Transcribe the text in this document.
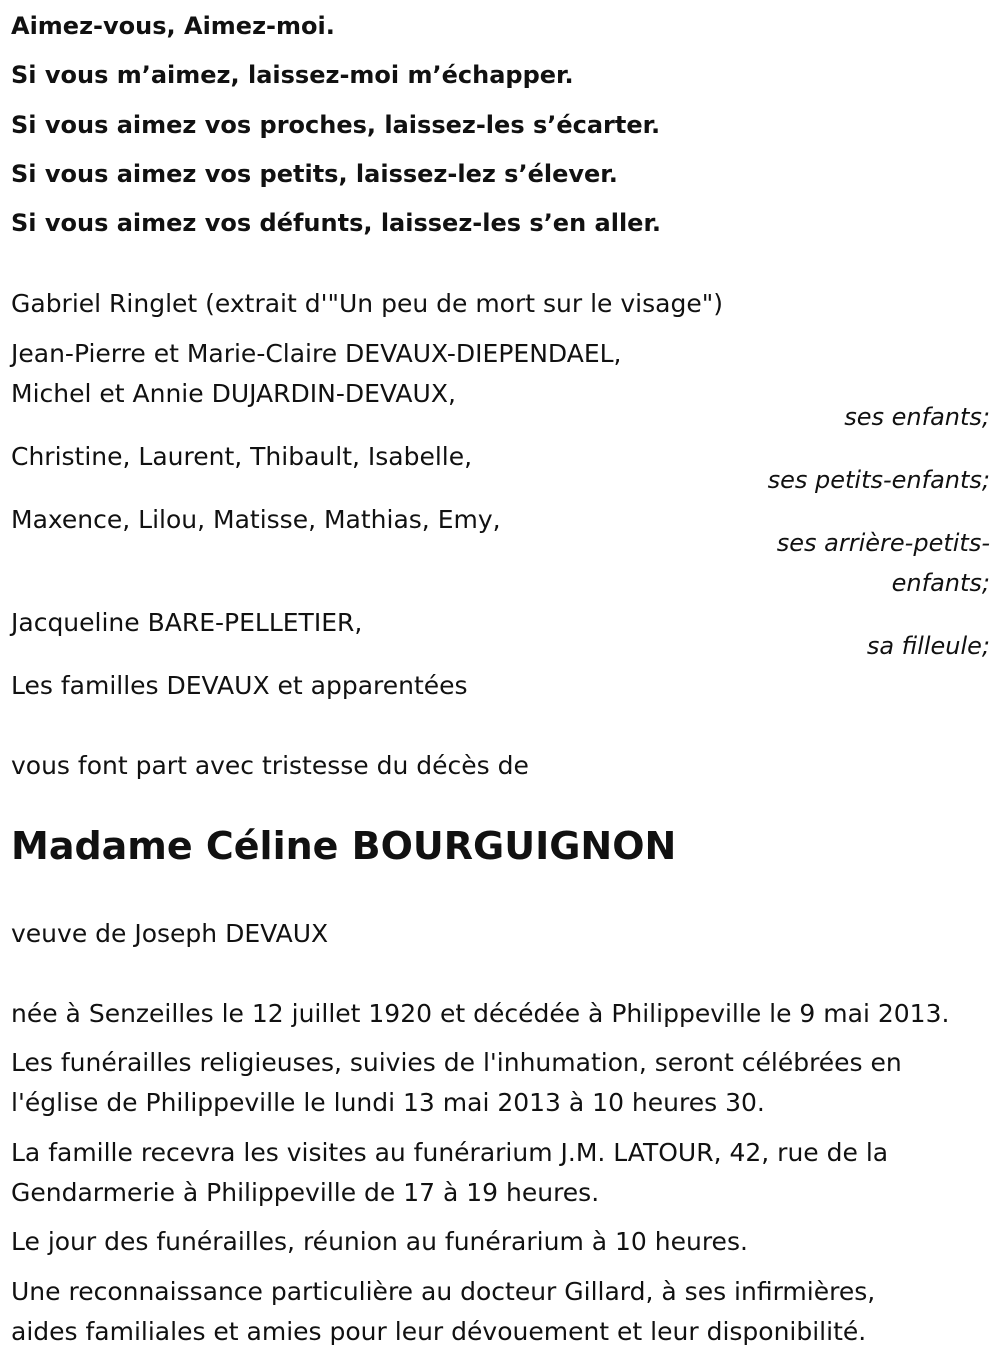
Aimez-vous, Aimez-moi.
Si vous m’aimez, laissez-moi m’échapper.
Si vous aimez vos proches, laissez-les s’écarter.
Si vous aimez vos petits, laissez-lez s’élever.
Si vous aimez vos défunts, laissez-les s’en aller.
Gabriel Ringlet (extrait d'"Un peu de mort sur le visage")
Jean-Pierre et Marie-Claire DEVAUX-DIEPENDAEL,
Michel et Annie DUJARDIN-DEVAUX,
ses enfants;
Christine, Laurent, Thibault, Isabelle,
ses petits-enfants;
Maxence, Lilou, Matisse, Mathias, Emy,
ses arrière-petits-
enfants;
Jacqueline BARE-PELLETIER,
sa filleule;
Les familles DEVAUX et apparentées
vous font part avec tristesse du décès de
Madame Céline BOURGUIGNON
veuve de Joseph DEVAUX
née à Senzeilles le 12 juillet 1920 et décédée à Philippeville le 9 mai 2013.
Les funérailles religieuses, suivies de l'inhumation, seront célébrées en
l'église de Philippeville le lundi 13 mai 2013 à 10 heures 30.
La famille recevra les visites au funérarium J.M. LATOUR, 42, rue de la
Gendarmerie à Philippeville de 17 à 19 heures.
Le jour des funérailles, réunion au funérarium à 10 heures.
Une reconnaissance particulière au docteur Gillard, à ses infirmières,
aides familiales et amies pour leur dévouement et leur disponibilité.
